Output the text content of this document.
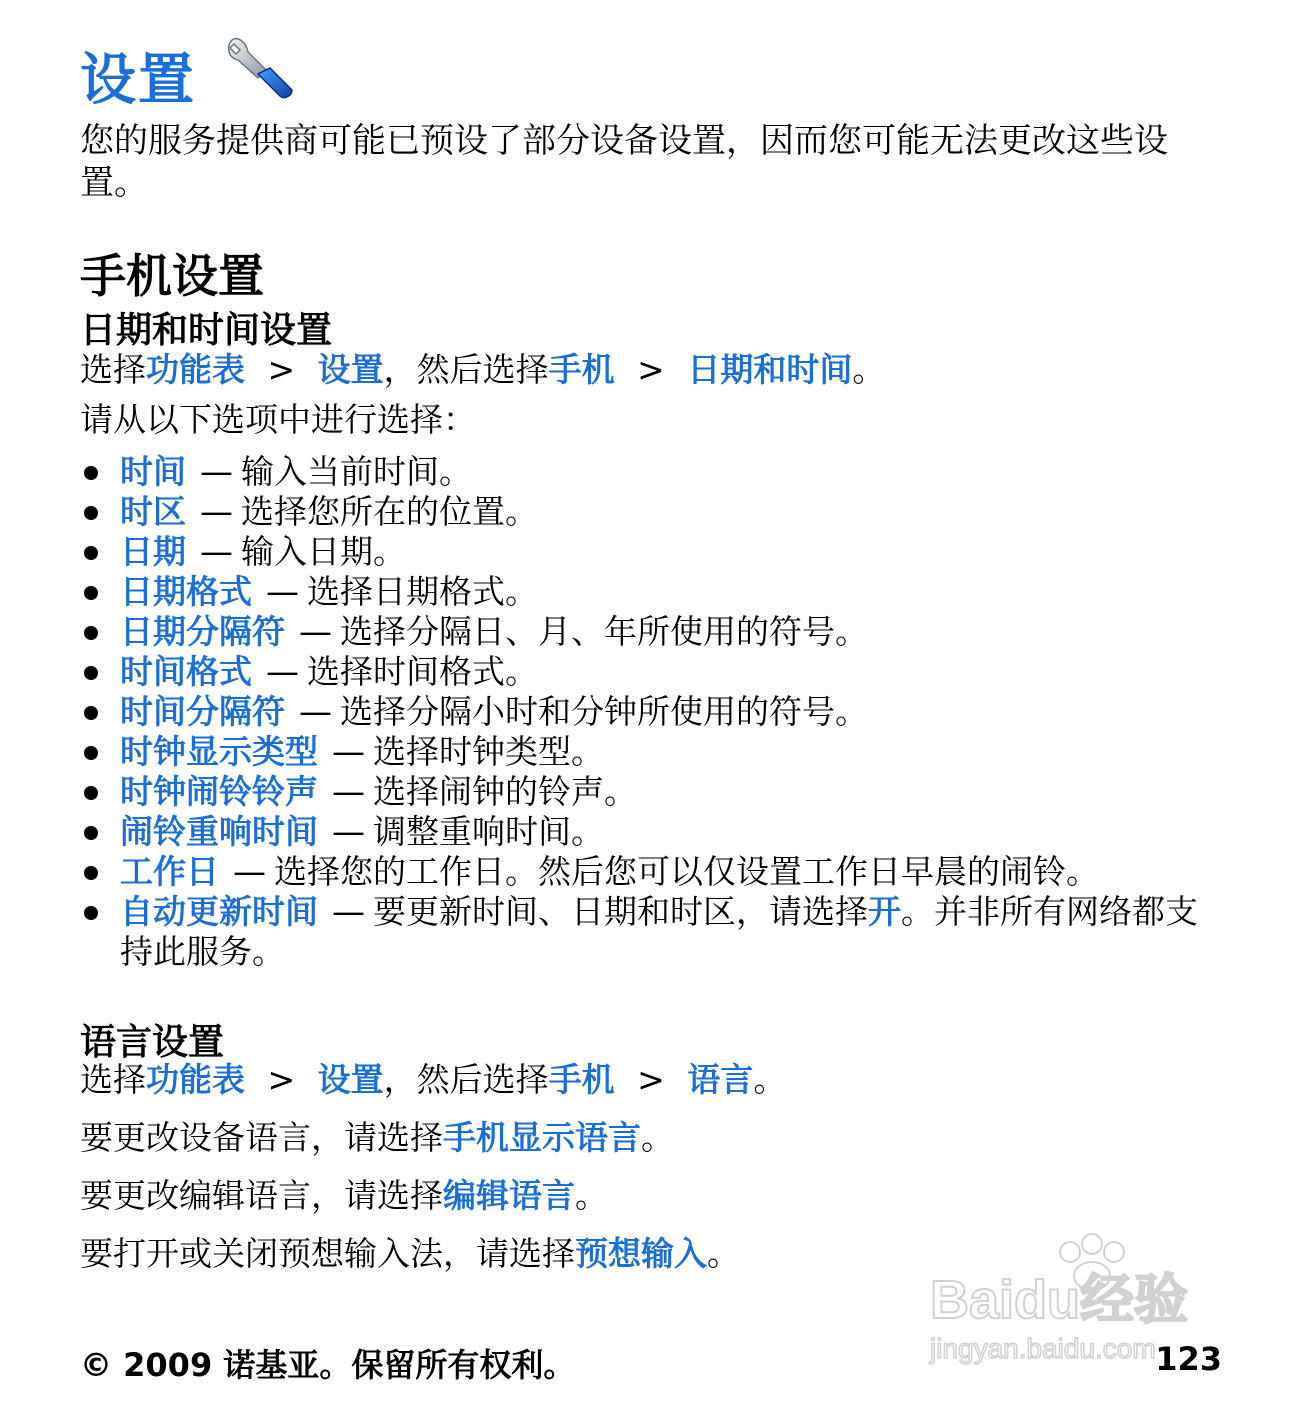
设置
您的服务提供商可能已预设了部分设备设置，因而您可能无法更改这些设置。
手机设置
日期和时间设置
选择功能表 > 设置，然后选择手机 > 日期和时间。
请从以下选项中进行选择：
时间 — 输入当前时间。
时区 — 选择您所在的位置。
日期 — 输入日期。
日期格式 — 选择日期格式。
日期分隔符 — 选择分隔日、月、年所使用的符号。
时间格式 — 选择时间格式。
时间分隔符 — 选择分隔小时和分钟所使用的符号。
时钟显示类型 — 选择时钟类型。
时钟闹铃铃声 — 选择闹钟的铃声。
闹铃重响时间 — 调整重响时间。
工作日 — 选择您的工作日。然后您可以仅设置工作日早晨的闹铃。
自动更新时间 — 要更新时间、日期和时区，请选择开。并非所有网络都支持此服务。
语言设置
选择功能表 > 设置，然后选择手机 > 语言。
要更改设备语言，请选择手机显示语言。
要更改编辑语言，请选择编辑语言。
要打开或关闭预想输入法，请选择预想输入。
Baidu经验
jingyan.baidu.com
© 2009 诺基亚。保留所有权利。	123
